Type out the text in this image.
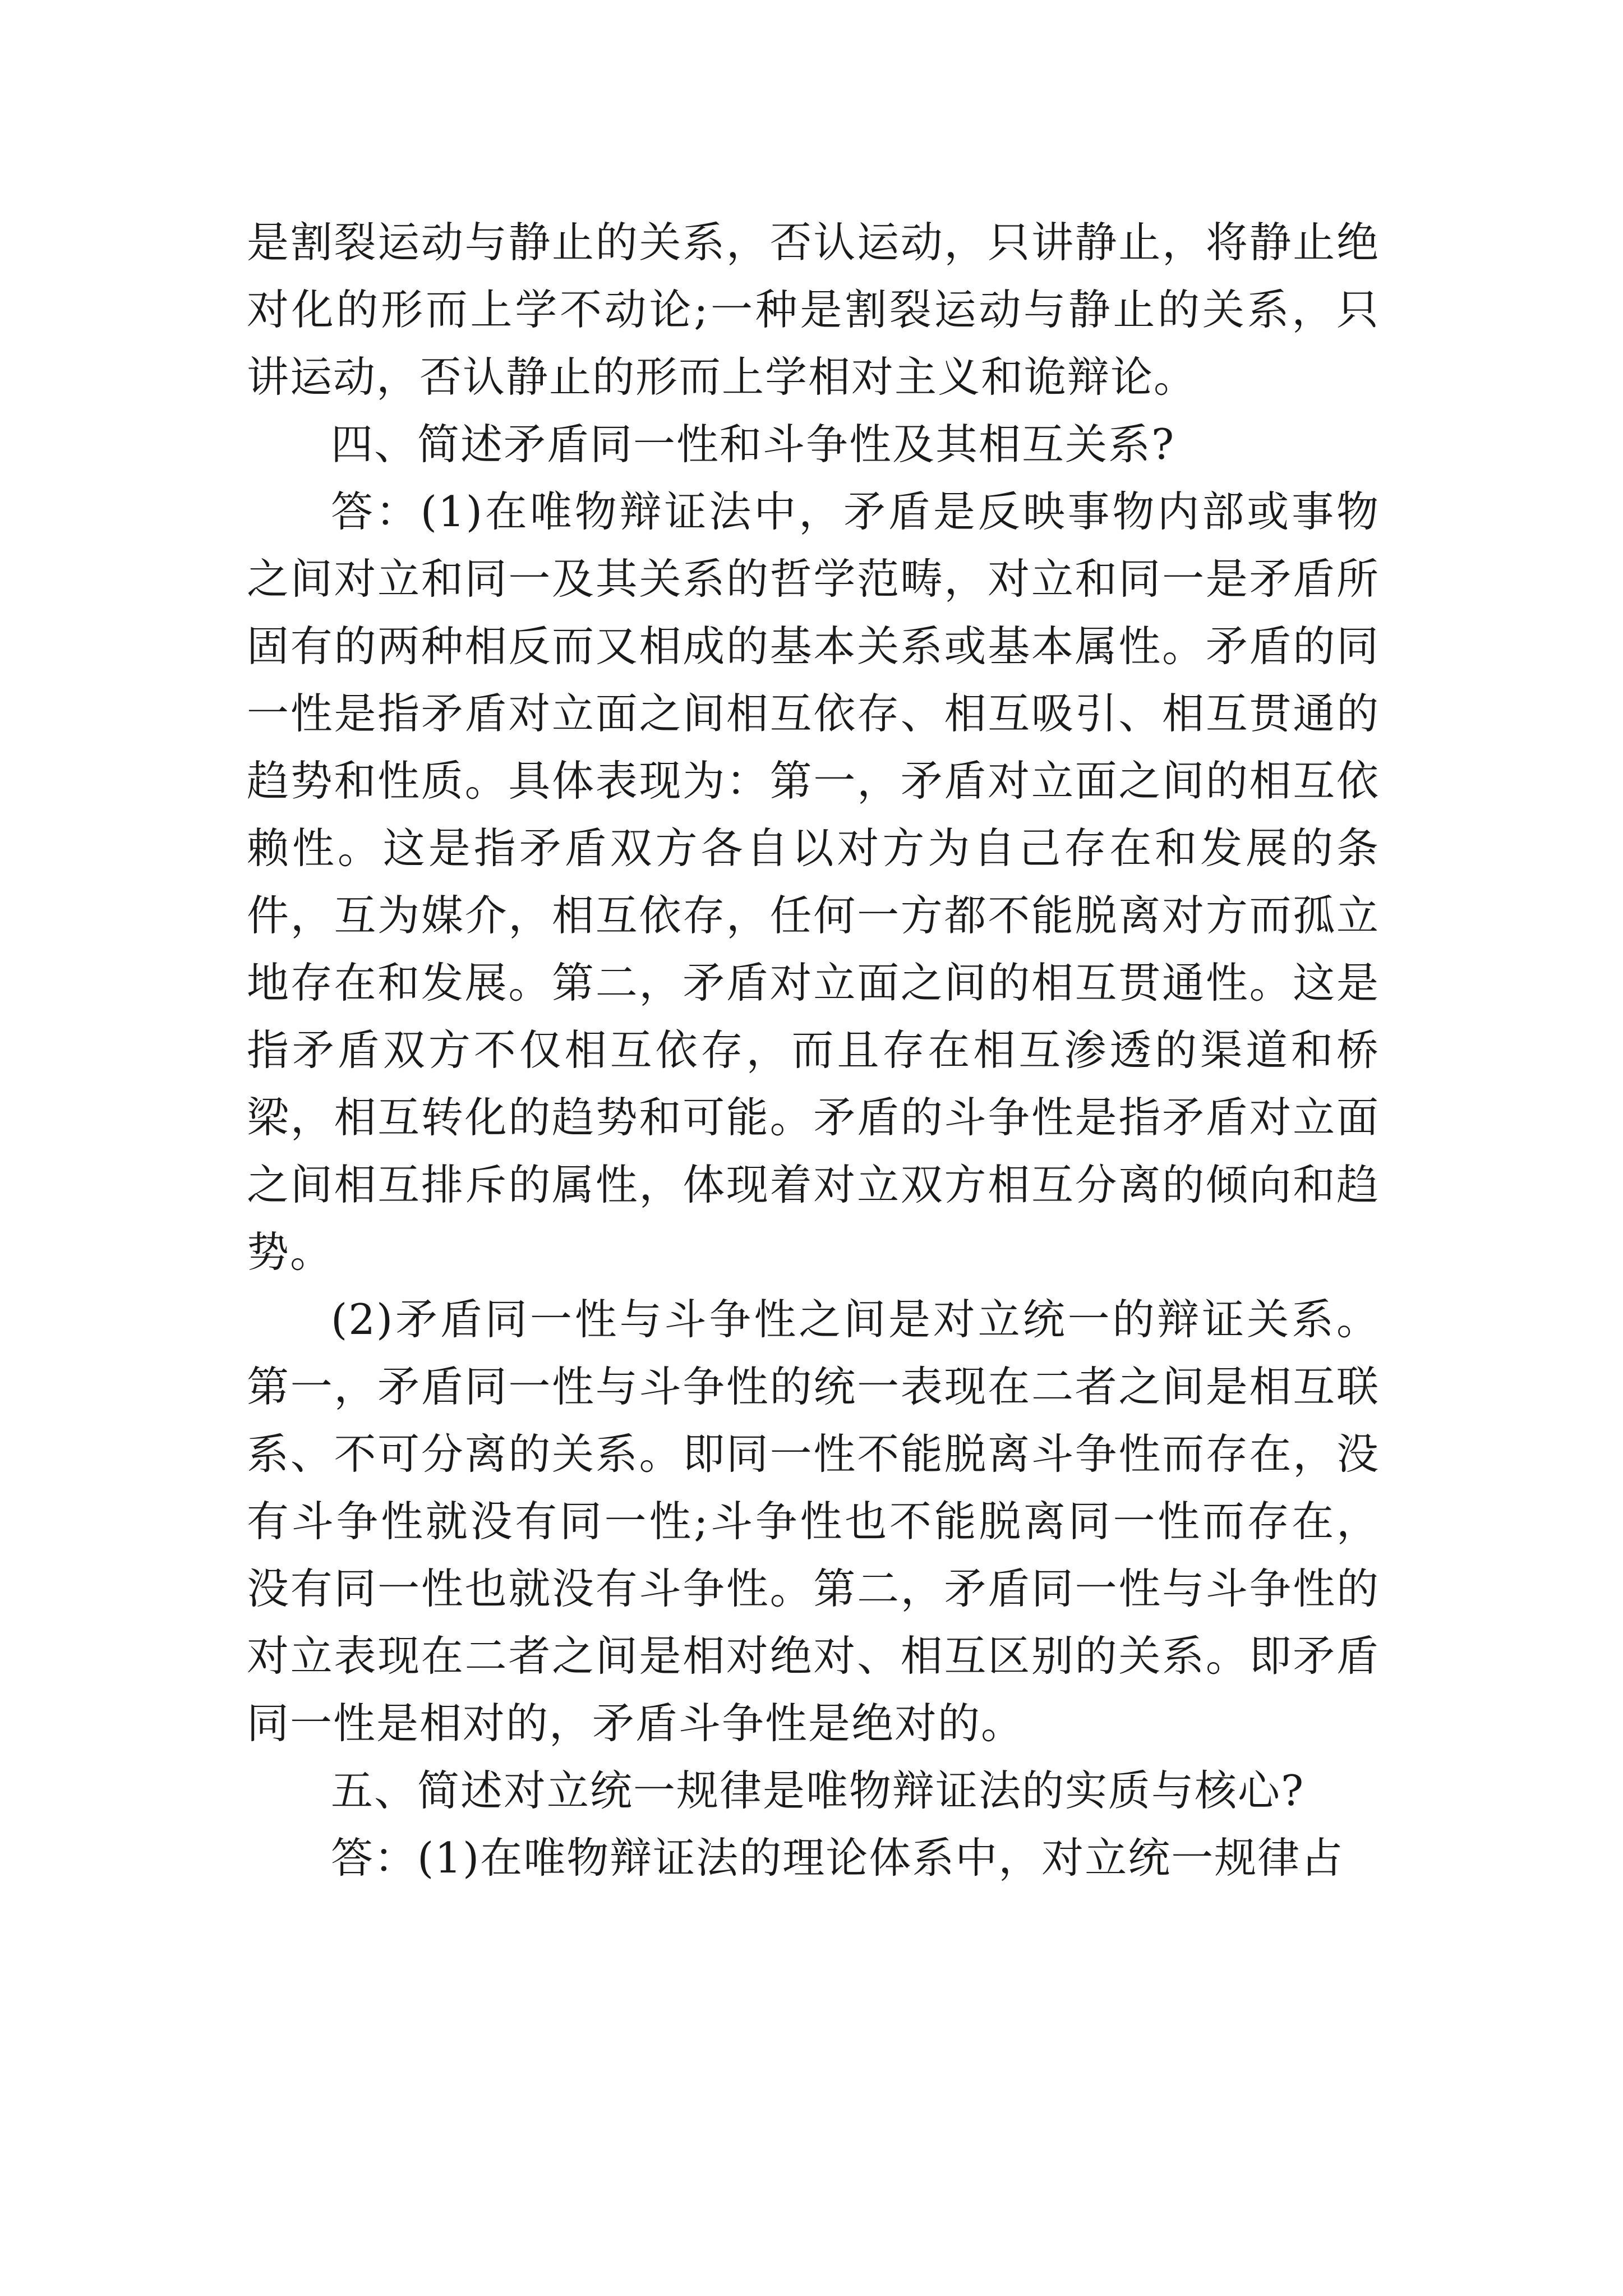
是割裂运动与静止的关系，否认运动，只讲静止，将静止绝对化的形而上学不动论;一种是割裂运动与静止的关系，只讲运动，否认静止的形而上学相对主义和诡辩论。

四、简述矛盾同一性和斗争性及其相互关系?

答：(1)在唯物辩证法中，矛盾是反映事物内部或事物之间对立和同一及其关系的哲学范畴，对立和同一是矛盾所固有的两种相反而又相成的基本关系或基本属性。矛盾的同一性是指矛盾对立面之间相互依存、相互吸引、相互贯通的趋势和性质。具体表现为：第一，矛盾对立面之间的相互依赖性。这是指矛盾双方各自以对方为自己存在和发展的条件，互为媒介，相互依存，任何一方都不能脱离对方而孤立地存在和发展。第二，矛盾对立面之间的相互贯通性。这是指矛盾双方不仅相互依存，而且存在相互渗透的渠道和桥梁，相互转化的趋势和可能。矛盾的斗争性是指矛盾对立面之间相互排斥的属性，体现着对立双方相互分离的倾向和趋势。

(2)矛盾同一性与斗争性之间是对立统一的辩证关系。第一，矛盾同一性与斗争性的统一表现在二者之间是相互联系、不可分离的关系。即同一性不能脱离斗争性而存在，没有斗争性就没有同一性;斗争性也不能脱离同一性而存在，没有同一性也就没有斗争性。第二，矛盾同一性与斗争性的对立表现在二者之间是相对绝对、相互区别的关系。即矛盾同一性是相对的，矛盾斗争性是绝对的。

五、简述对立统一规律是唯物辩证法的实质与核心?

答：(1)在唯物辩证法的理论体系中，对立统一规律占
